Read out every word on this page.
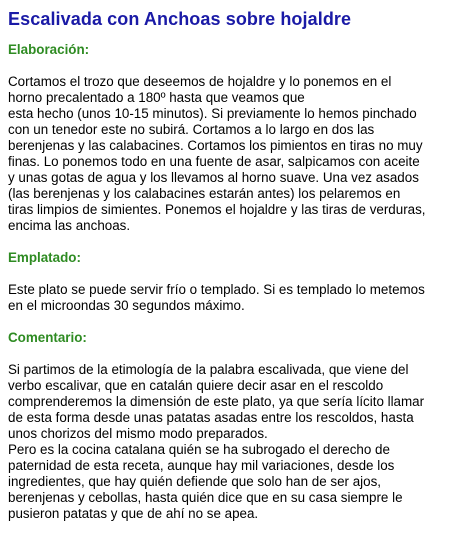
Escalivada con Anchoas sobre hojaldre
Elaboración:
Cortamos el trozo que deseemos de hojaldre y lo ponemos en el
horno precalentado a 180º hasta que veamos que
esta hecho (unos 10-15 minutos). Si previamente lo hemos pinchado
con un tenedor este no subirá. Cortamos a lo largo en dos las
berenjenas y las calabacines. Cortamos los pimientos en tiras no muy
finas. Lo ponemos todo en una fuente de asar, salpicamos con aceite
y unas gotas de agua y los llevamos al horno suave. Una vez asados
(las berenjenas y los calabacines estarán antes) los pelaremos en
tiras limpios de simientes. Ponemos el hojaldre y las tiras de verduras,
encima las anchoas.
Emplatado:
Este plato se puede servir frío o templado. Si es templado lo metemos
en el microondas 30 segundos máximo.
Comentario:
Si partimos de la etimología de la palabra escalivada, que viene del
verbo escalivar, que en catalán quiere decir asar en el rescoldo
comprenderemos la dimensión de este plato, ya que sería lícito llamar
de esta forma desde unas patatas asadas entre los rescoldos, hasta
unos chorizos del mismo modo preparados.
Pero es la cocina catalana quién se ha subrogado el derecho de
paternidad de esta receta, aunque hay mil variaciones, desde los
ingredientes, que hay quién defiende que solo han de ser ajos,
berenjenas y cebollas, hasta quién dice que en su casa siempre le
pusieron patatas y que de ahí no se apea.
